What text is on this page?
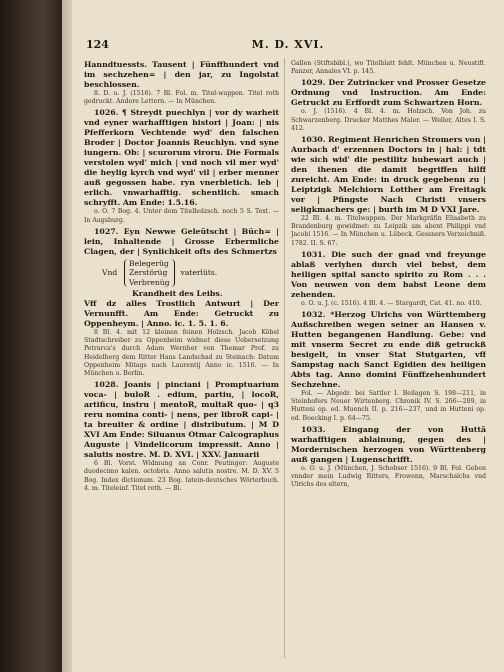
124	M. D. XVI.

Hanndtuessts. Tausent | Fünffhundert vnd im sechzehen= | den jar, zu Ingolstat beschlossen.

8. D. u. J. (1516). 7 Bl. Fol. m. Titel-wappen. Titel roth gedruckt. Andere Lettern. — In München.

1026. ¶ Streydt puechlyn | vor dy warheit vnd eyner warhafftigen histori | Joan: | nis Pfefferkorn Vechtende wyd' den falschen Broder | Doctor Joannis Reuchlyn. vnd syne iungern. Ob: | scurorum viroru. Die Formals verstolen wyd' mich | vnd noch vil mer wyd' die heylig kyrch vnd wyd' vil | erber menner auß gegossen habe. ryn vnerbletich. leb | erlich. vnwarhafftig. schentlich. smach schryfft. Am Ende: 1.5.16.

o. O. 7 Bog. 4. Unter dem Titelholzsch. noch 5 S. Text. — In Augsburg.

1027. Eyn Newwe Geleütscht | Büch= | lein, Inhaltende | Grosse Erbermliche Clagen, der | Synlichkeit ofts des Schmertzs

Vnd
Belegerüg
Zerstörüg
Verbrenüg
vaterlüts.

Krandheit des Leibs.

Vff dz alles Trostlich Antwurt | Der Vernunfft. Am Ende: Getruckt zu Oppenheym. | Anno. ic. 1. 5. 1. 6.

8 Bl. 4. mit 12 kleinen feinen Holzsch. Jacob Köbel Stadtschreiber zu Oppenheim widmet diese Uebersetzung Petrarca's durch Adam Wernher von Themar Prof. zu Heidelberg dem Ritter Hans Landschad zu Steinach: Datum Oppenheim Mitags nach Laurentij Anno ic. 1516. — In München u. Berlin.

1028. Joanis | pinciani | Promptuarium voca- | buloR . edium, partiu, | locoR, artificu, instru | mentoR, multaR quo- | q3 reru nomina conti- | nens, per libroR capi- | ta breuiter & ordine | distributum. | M D XVI Am Ende: Siluanus Otmar Calcographus Auguste | Vindelicorum impressit. Anno | salutis nostre. M. D. XVI. | XXV. Januarii

6 Bl. Vorst. Widmung an Conr. Peutinger: Auguste duodecimo kalen. octobris. Anno salutis nostre. M. D. XV. 5 Bog. Index dictionum. 23 Bog. latein-deutsches Wörterbuch. 4. m. Titeleinf. Titel roth. — Bl.

Gallen (Stiftsbibl.), wo Titelblatt fehlt. München u. Neustift. Panzer, Annales VI. p. 145.

1029. Der Zutrincker vnd Prosser Gesetze Ordnung vnd Instruction. Am Ende: Getruckt zu Erffordt zum Schwartzen Horn.

o. J. (1516). 4 Bl. 4. m. Holzsch. Von Joh. zu Schwarzenberg. Drucker Matthes Maler. — Weller, Altes I. S. 412.

1030. Regiment Henrichen Stromers von | Aurbach d' erzennen Doctors in | hal: | tdt wie sich wid' die pestilitz hubewart auch | den ihenen die damit begriffen hilff zureicht. Am Ende: in druck gegebenn zu | Leiptzigk Melchiorn Lotther am Freitagk vor | Pfingste Nach Christi vnsers seligkmachers ge: | burth im M D VXI Jare.

22 Bl. 4. m. Titelwappen. Der Markgräfin Elisabeth zu Brandenburg gewidmet: zu Leipzik am abent Philippi vnd Jacobi 1516. — In München u. Lübeck. Gessners Verzeichniß. 1782. II. S. 67.

1031. Die such der gnad vnd freyunge ablaß verlyhen durch viel bebst, dem heiligen spital sancto spirito zu Rom . . . Von neuwen von dem babst Leone dem zehenden.

o. O. u. J. (c. 1516). 4 Bl. 4. — Stargardt, Cat. 41. no. 410.

1032. *Herzog Ulrichs von Württemberg Außschreiben wegen seiner an Hansen v. Hutten begangenen Handlung. Gebe: vnd mit vnserm Secret zu ende diß getruckß besigelt, in vnser Stat Stutgarten, vff Sampstag nach Sanct Egidien des heiligen Abts tag. Anno domini Fünffzehenhundert Sechzehne.

Fol. — Abgedr. bei Sattler I. Beilagen S. 198—211, in Steinhofers Neuer Wirtenberg. Chronik IV. S. 266—289, in Hutteni op. ed. Muench II. p. 216—237, und in Hutteni op. ed. Boecking I. p. 64—75.

1033. Eingang der von Huttã warhafftigen ablainung, gegen des | Mordernischen herzogen von Württenberg auß gangen | Lugenschrifft.

o. O. u. J. (München, J. Schobser 1516). 9 Bl. Fol. Geben vnnder mein Ludwig Ritters, Frowenn, Marschalchs vnd Ulrichs des eltern,
